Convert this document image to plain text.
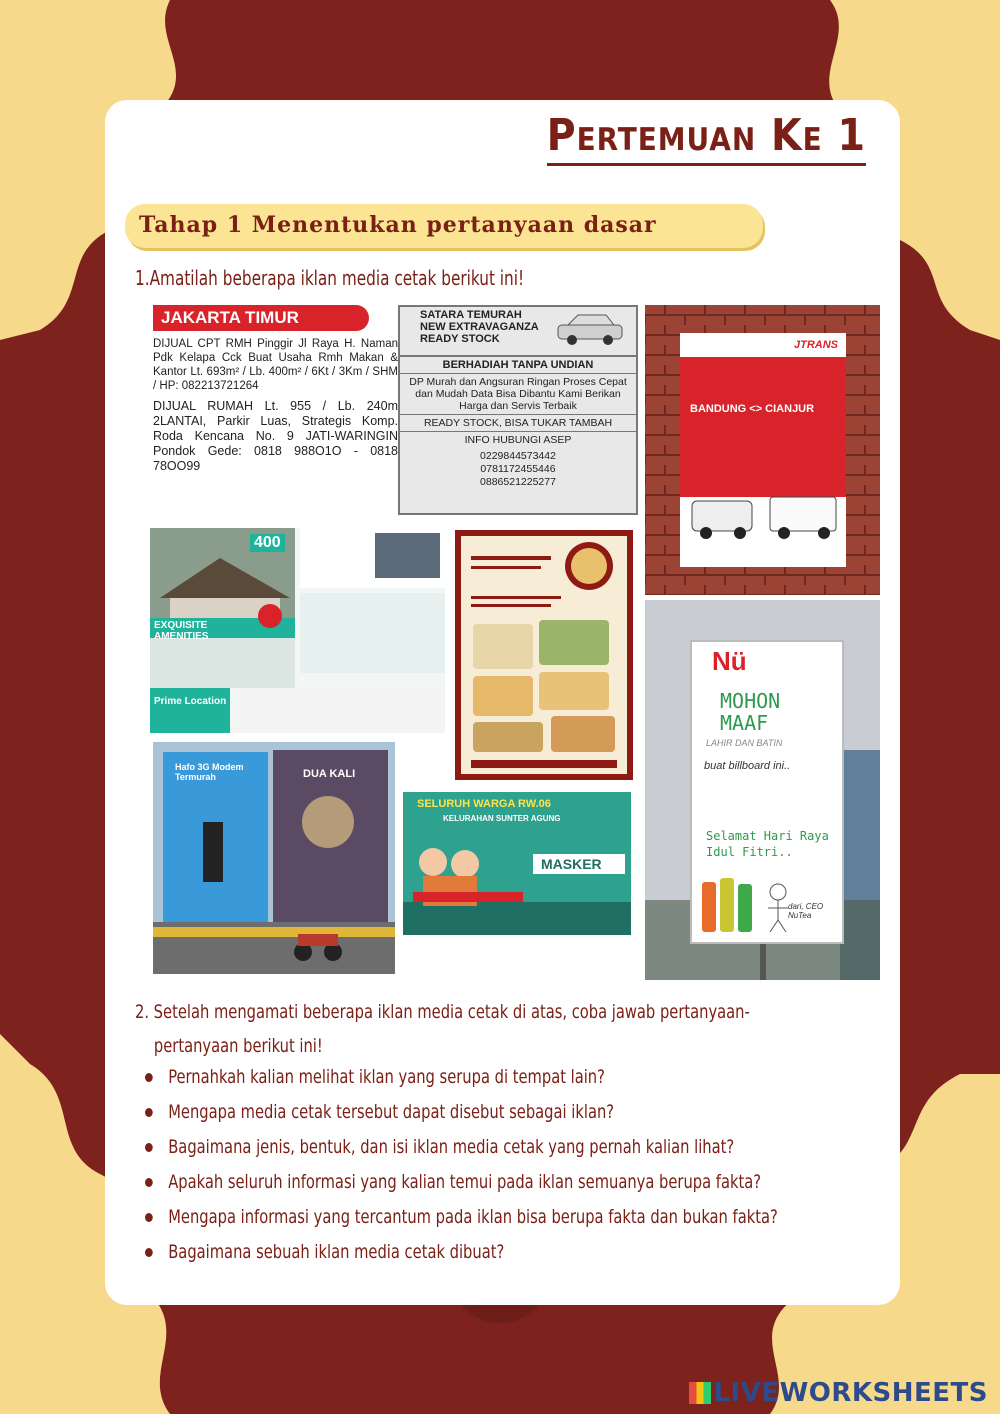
Pertemuan Ke 1
Tahap 1 Menentukan pertanyaan dasar
1.Amatilah beberapa iklan media cetak berikut ini!
JAKARTA TIMUR

DIJUAL CPT RMH Pinggir Jl Raya H. Naman Pdk Kelapa Cck Buat Usaha Rmh Makan & Kantor Lt. 693m² / Lb. 400m² / 6Kt / 3Km / SHM / HP: 082213721264

DIJUAL RUMAH Lt. 955 / Lb. 240m 2LANTAI, Parkir Luas, Strategis Komp. Roda Kencana No. 9 JATI-WARINGIN Pondok Gede: 0818 988O1O - 0818 78OO99

SATARA TEMURAH
NEW EXTRAVAGANZA
READY STOCK
BERHADIAH TANPA UNDIAN
DP Murah dan Angsuran Ringan Proses Cepat dan Mudah Data Bisa Dibantu Kami Berikan Harga dan Servis Terbaik
READY STOCK, BISA TUKAR TAMBAH
INFO HUBUNGI ASEP
0229844573442 0781172455446 0886521225277
JTRANS
BANDUNG <> CIANJUR
400
EXQUISITE AMENITIES
Prime Location
Nü
MOHON MAAF
LAHIR DAN BATIN
buat billboard ini..
Selamat Hari Raya Idul Fitri..
dari, CEO NuTea
Hafo 3G Modem Termurah	DUA KALI
SELURUH WARGA RW.06
KELURAHAN SUNTER AGUNG
MASKER
2. Setelah mengamati beberapa iklan media cetak di atas, coba jawab pertanyaan-
pertanyaan berikut ini!
Pernahkah kalian melihat iklan yang serupa di tempat lain?
Mengapa media cetak tersebut dapat disebut sebagai iklan?
Bagaimana jenis, bentuk, dan isi iklan media cetak yang pernah kalian lihat?
Apakah seluruh informasi yang kalian temui pada iklan semuanya berupa fakta?
Mengapa informasi yang tercantum pada iklan bisa berupa fakta dan bukan fakta?
Bagaimana sebuah iklan media cetak dibuat?
LIVEWORKSHEETS
